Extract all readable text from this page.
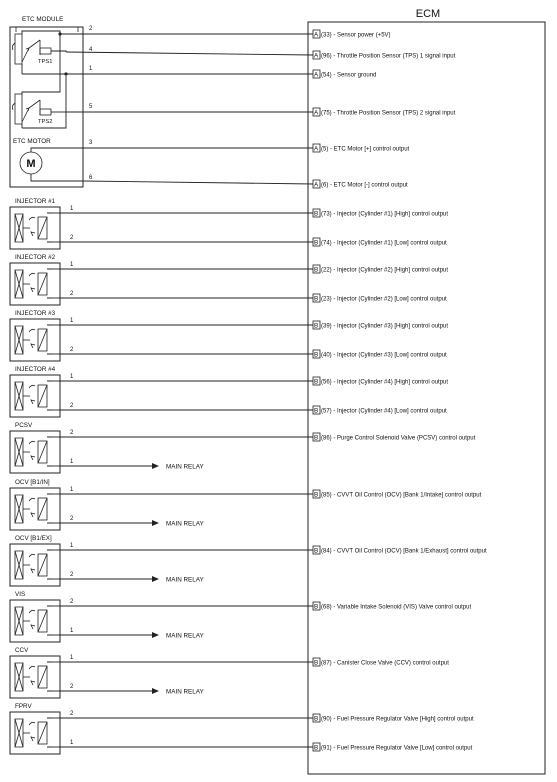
ECM
ETC MODULE
TPS1
TPS2
ETC MOTOR
M
2
A (33) - Sensor power (+5V)
4
A (96) - Throttle Position Sensor (TPS) 1 signal input
1
A (54) - Sensor ground
5
A (75) - Throttle Position Sensor (TPS) 2 signal input
3
A (5) - ETC Motor [+] control output
6
A (6) - ETC Motor [-] control output
INJECTOR #1
1
B (73) - Injector (Cylinder #1) [High] control output
2
B (74) - Injector (Cylinder #1) [Low] control output
INJECTOR #2
1
B (22) - Injector (Cylinder #2) [High] control output
2
B (23) - Injector (Cylinder #2) [Low] control output
INJECTOR #3
1
B (39) - Injector (Cylinder #3) [High] control output
2
B (40) - Injector (Cylinder #3) [Low] control output
INJECTOR #4
1
B (56) - Injector (Cylinder #4) [High] control output
2
B (57) - Injector (Cylinder #4) [Low] control output
PCSV
2
B (86) - Purge Control Solenoid Valve (PCSV) control output
1
MAIN RELAY
OCV [B1/IN]
1
B (85) - CVVT Oil Control (OCV) [Bank 1/Intake] control output
2
MAIN RELAY
OCV [B1/EX]
1
B (84) - CVVT Oil Control (OCV) [Bank 1/Exhaust] control output
2
MAIN RELAY
VIS
2
B (68) - Variable Intake Solenoid (VIS) Valve control output
1
MAIN RELAY
CCV
1
B (87) - Canister Close Valve (CCV) control output
2
MAIN RELAY
FPRV
2
B (90) - Fuel Pressure Regulator Valve [High] control output
1
B (91) - Fuel Pressure Regulator Valve [Low] control output
